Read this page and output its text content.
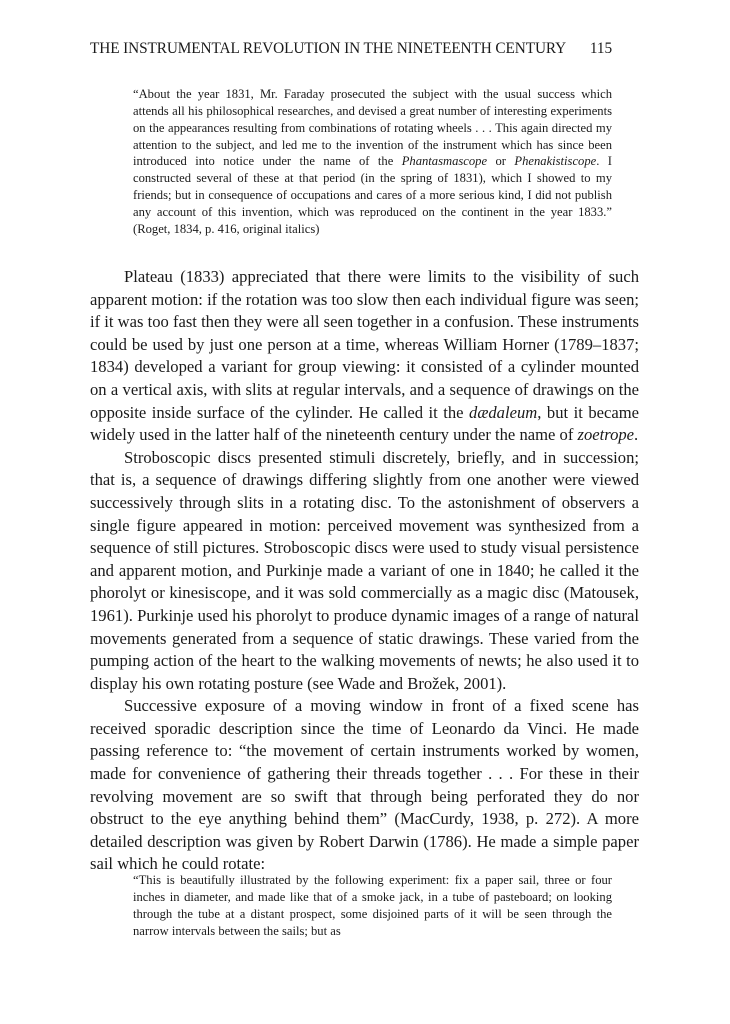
THE INSTRUMENTAL REVOLUTION IN THE NINETEENTH CENTURY 115

“About the year 1831, Mr. Faraday prosecuted the subject with the usual success which attends all his philosophical researches, and devised a great number of interesting experiments on the appearances resulting from combinations of rotating wheels . . . This again directed my attention to the subject, and led me to the invention of the instrument which has since been introduced into notice under the name of the Phantasmascope or Phenakistiscope. I constructed several of these at that period (in the spring of 1831), which I showed to my friends; but in consequence of occupations and cares of a more serious kind, I did not publish any account of this invention, which was reproduced on the continent in the year 1833.” (Roget, 1834, p. 416, original italics)

Plateau (1833) appreciated that there were limits to the visibility of such apparent motion: if the rotation was too slow then each individual figure was seen; if it was too fast then they were all seen together in a confusion. These instruments could be used by just one person at a time, whereas William Horner (1789–1837; 1834) developed a variant for group viewing: it consisted of a cylinder mounted on a vertical axis, with slits at regular intervals, and a sequence of drawings on the opposite inside surface of the cylinder. He called it the dædaleum, but it became widely used in the latter half of the nineteenth century under the name of zoetrope.

Stroboscopic discs presented stimuli discretely, briefly, and in succession; that is, a sequence of drawings differing slightly from one another were viewed successively through slits in a rotating disc. To the astonishment of observers a single figure appeared in motion: perceived movement was synthesized from a sequence of still pictures. Stroboscopic discs were used to study visual persistence and apparent motion, and Purkinje made a variant of one in 1840; he called it the phorolyt or kinesiscope, and it was sold commercially as a magic disc (Matousek, 1961). Purkinje used his phorolyt to produce dynamic images of a range of natural movements generated from a sequence of static drawings. These varied from the pumping action of the heart to the walking movements of newts; he also used it to display his own rotating posture (see Wade and Brožek, 2001).

Successive exposure of a moving window in front of a fixed scene has received sporadic description since the time of Leonardo da Vinci. He made passing reference to: “the movement of certain instruments worked by women, made for convenience of gathering their threads together . . . For these in their revolving movement are so swift that through being perforated they do nor obstruct to the eye anything behind them” (MacCurdy, 1938, p. 272). A more detailed description was given by Robert Darwin (1786). He made a simple paper sail which he could rotate:

“This is beautifully illustrated by the following experiment: fix a paper sail, three or four inches in diameter, and made like that of a smoke jack, in a tube of pasteboard; on looking through the tube at a distant prospect, some disjoined parts of it will be seen through the narrow intervals between the sails; but as
